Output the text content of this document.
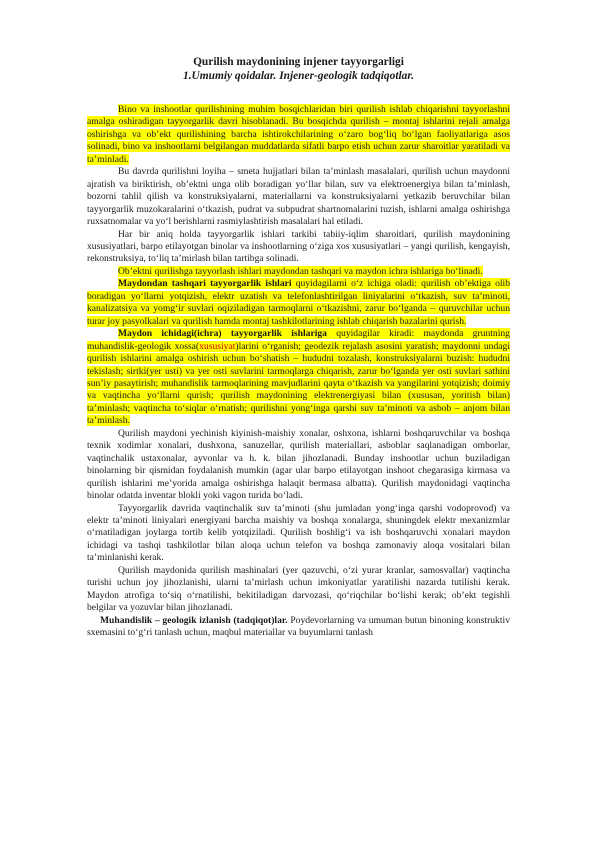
Qurilish maydonining injener tayyorgarligi

1.Umumiy qoidalar. Injener-geologik tadqiqotlar.

Bino va inshootlar qurilishining muhim bosqichlaridan biri qurilish ishlab chiqarishni tayyorlashni amalga oshiradigan tayyorgarlik davri hisoblanadi. Bu bosqichda qurilish – montaj ishlarini rejali amalga oshirishga va ob’ekt qurilishining barcha ishtirokchilarining o‘zaro bog‘liq bo‘lgan faoliyatlariga asos solinadi, bino va inshootlarni belgilangan muddatlarda sifatli barpo etish uchun zarur sharoitlar yaratiladi va ta’minladi.

Bu davrda qurilishni loyiha – smeta hujjatlari bilan ta’minlash masalalari, qurilish uchun maydonni ajratish va biriktirish, ob’ektni unga olib boradigan yo‘llar bilan, suv va elektroenergiya bilan ta’minlash, bozorni tahlil qilish va konstruksiyalarni, materiallarni va konstruksiyalarni yetkazib beruvchilar bilan tayyorgarlik muzokaralarini o‘tkazish, pudrat va subpudrat shartnomalarini tuzish, ishlarni amalga oshirishga ruxsatnomalar va yo‘l berishlarni rasmiylashtirish masalalari hal etiladi.

Har bir aniq holda tayyorgarlik ishlari tarkibi tabiiy-iqlim sharoitlari, qurilish maydonining xususiyatlari, barpo etilayotgan binolar va inshootlarning o‘ziga xos xususiyatlari – yangi qurilish, kengayish, rekonstruksiya, to‘liq ta’mirlash bilan tartibga solinadi.

Ob’ektni qurilishga tayyorlash ishlari maydondan tashqari va maydon ichra ishlariga bo‘linadi.

Maydondan tashqari tayyorgarlik ishlari quyidagilarni o‘z ichiga oladi: qurilish ob’ektiga olib boradigan yo‘llarni yotqizish, elektr uzatish va telefonlashtirilgan liniyalarini o‘tkazish, suv ta’minoti, kanalizatsiya va yomg‘ir suvlari oqiziladigan tarmoqlarni o‘tkazishni, zarur bo‘lganda – quruvchilar uchun turar joy pasyolkalari va qurilish hamda montaj tashkilotlarining ishlab chiqarish bazalarini qurish.

Maydon ichidagi(ichra) tayyorgarlik ishlariga quyidagilar kiradi: maydonda gruntning muhandislik-geologik xossa(xususiyat)larini o‘rganish; geodezik rejalash asosini yaratish; maydonni undagi qurilish ishlarini amalga oshirish uchun bo‘shatish – hududni tozalash, konstruksiyalarni buzish: hududni tekislash; sirtki(yer usti) va yer osti suvlarini tarmoqlarga chiqarish, zarur bo‘lganda yer osti suvlari sathini sun’iy pasaytirish; muhandislik tarmoqlarining mavjudlarini qayta o‘tkazish va yangilarini yotqizish; doimiy va vaqtincha yo‘llarni qurish; qurilish maydonining elektrenergiyasi bilan (xususan, yoritish bilan) ta’minlash; vaqtincha to‘siqlar o‘rnatish; qurilishni yong‘inga qarshi suv ta’minoti va asbob – anjom bilan ta’minlash.

Qurilish maydoni yechinish kiyinish-maishiy xonalar, oshxona, ishlarni boshqaruvchilar va boshqa texnik xodimlar xonalari, dushxona, sanuzellar, qurilish materiallari, asboblar saqlanadigan omborlar, vaqtinchalik ustaxonalar, ayvonlar va h. k. bilan jihozlanadi. Bunday inshootlar uchun buziladigan binolarning bir qismidan foydalanish mumkin (agar ular barpo etilayotgan inshoot chegarasiga kirmasa va qurilish ishlarini me’yorida amalga oshirishga halaqit bermasa albatta). Qurilish maydonidagi vaqtincha binolar odatda inventar blokli yoki vagon turida bo‘ladi.

Tayyorgarlik davrida vaqtinchalik suv ta’minoti (shu jumladan yong‘inga qarshi vodoprovod) va elektr ta’minoti liniyalari energiyani barcha maishiy va boshqa xonalarga, shuningdek elektr mexanizmlar o‘rnatiladigan joylarga tortib kelib yotqiziladi. Qurilish boshlig‘i va ish boshqaruvchi xonalari maydon ichidagi va tashqi tashkilotlar bilan aloqa uchun telefon va boshqa zamonaviy aloqa vositalari bilan ta’minlanishi kerak.

Qurilish maydonida qurilish mashinalari (yer qazuvchi, o‘zi yurar kranlar, samosvallar) vaqtincha turishi uchun joy jihozlanishi, ularni ta’mirlash uchun imkoniyatlar yaratilishi nazarda tutilishi kerak. Maydon atrofiga to‘siq o‘rnatilishi, bekitiladigan darvozasi, qo‘riqchilar bo‘lishi kerak; ob’ekt tegishli belgilar va yozuvlar bilan jihozlanadi.

Muhandislik – geologik izlanish (tadqiqot)lar. Poydevorlarning va umuman butun binoning konstruktiv sxemasini to‘g‘ri tanlash uchun, maqbul materiallar va buyumlarni tanlash
